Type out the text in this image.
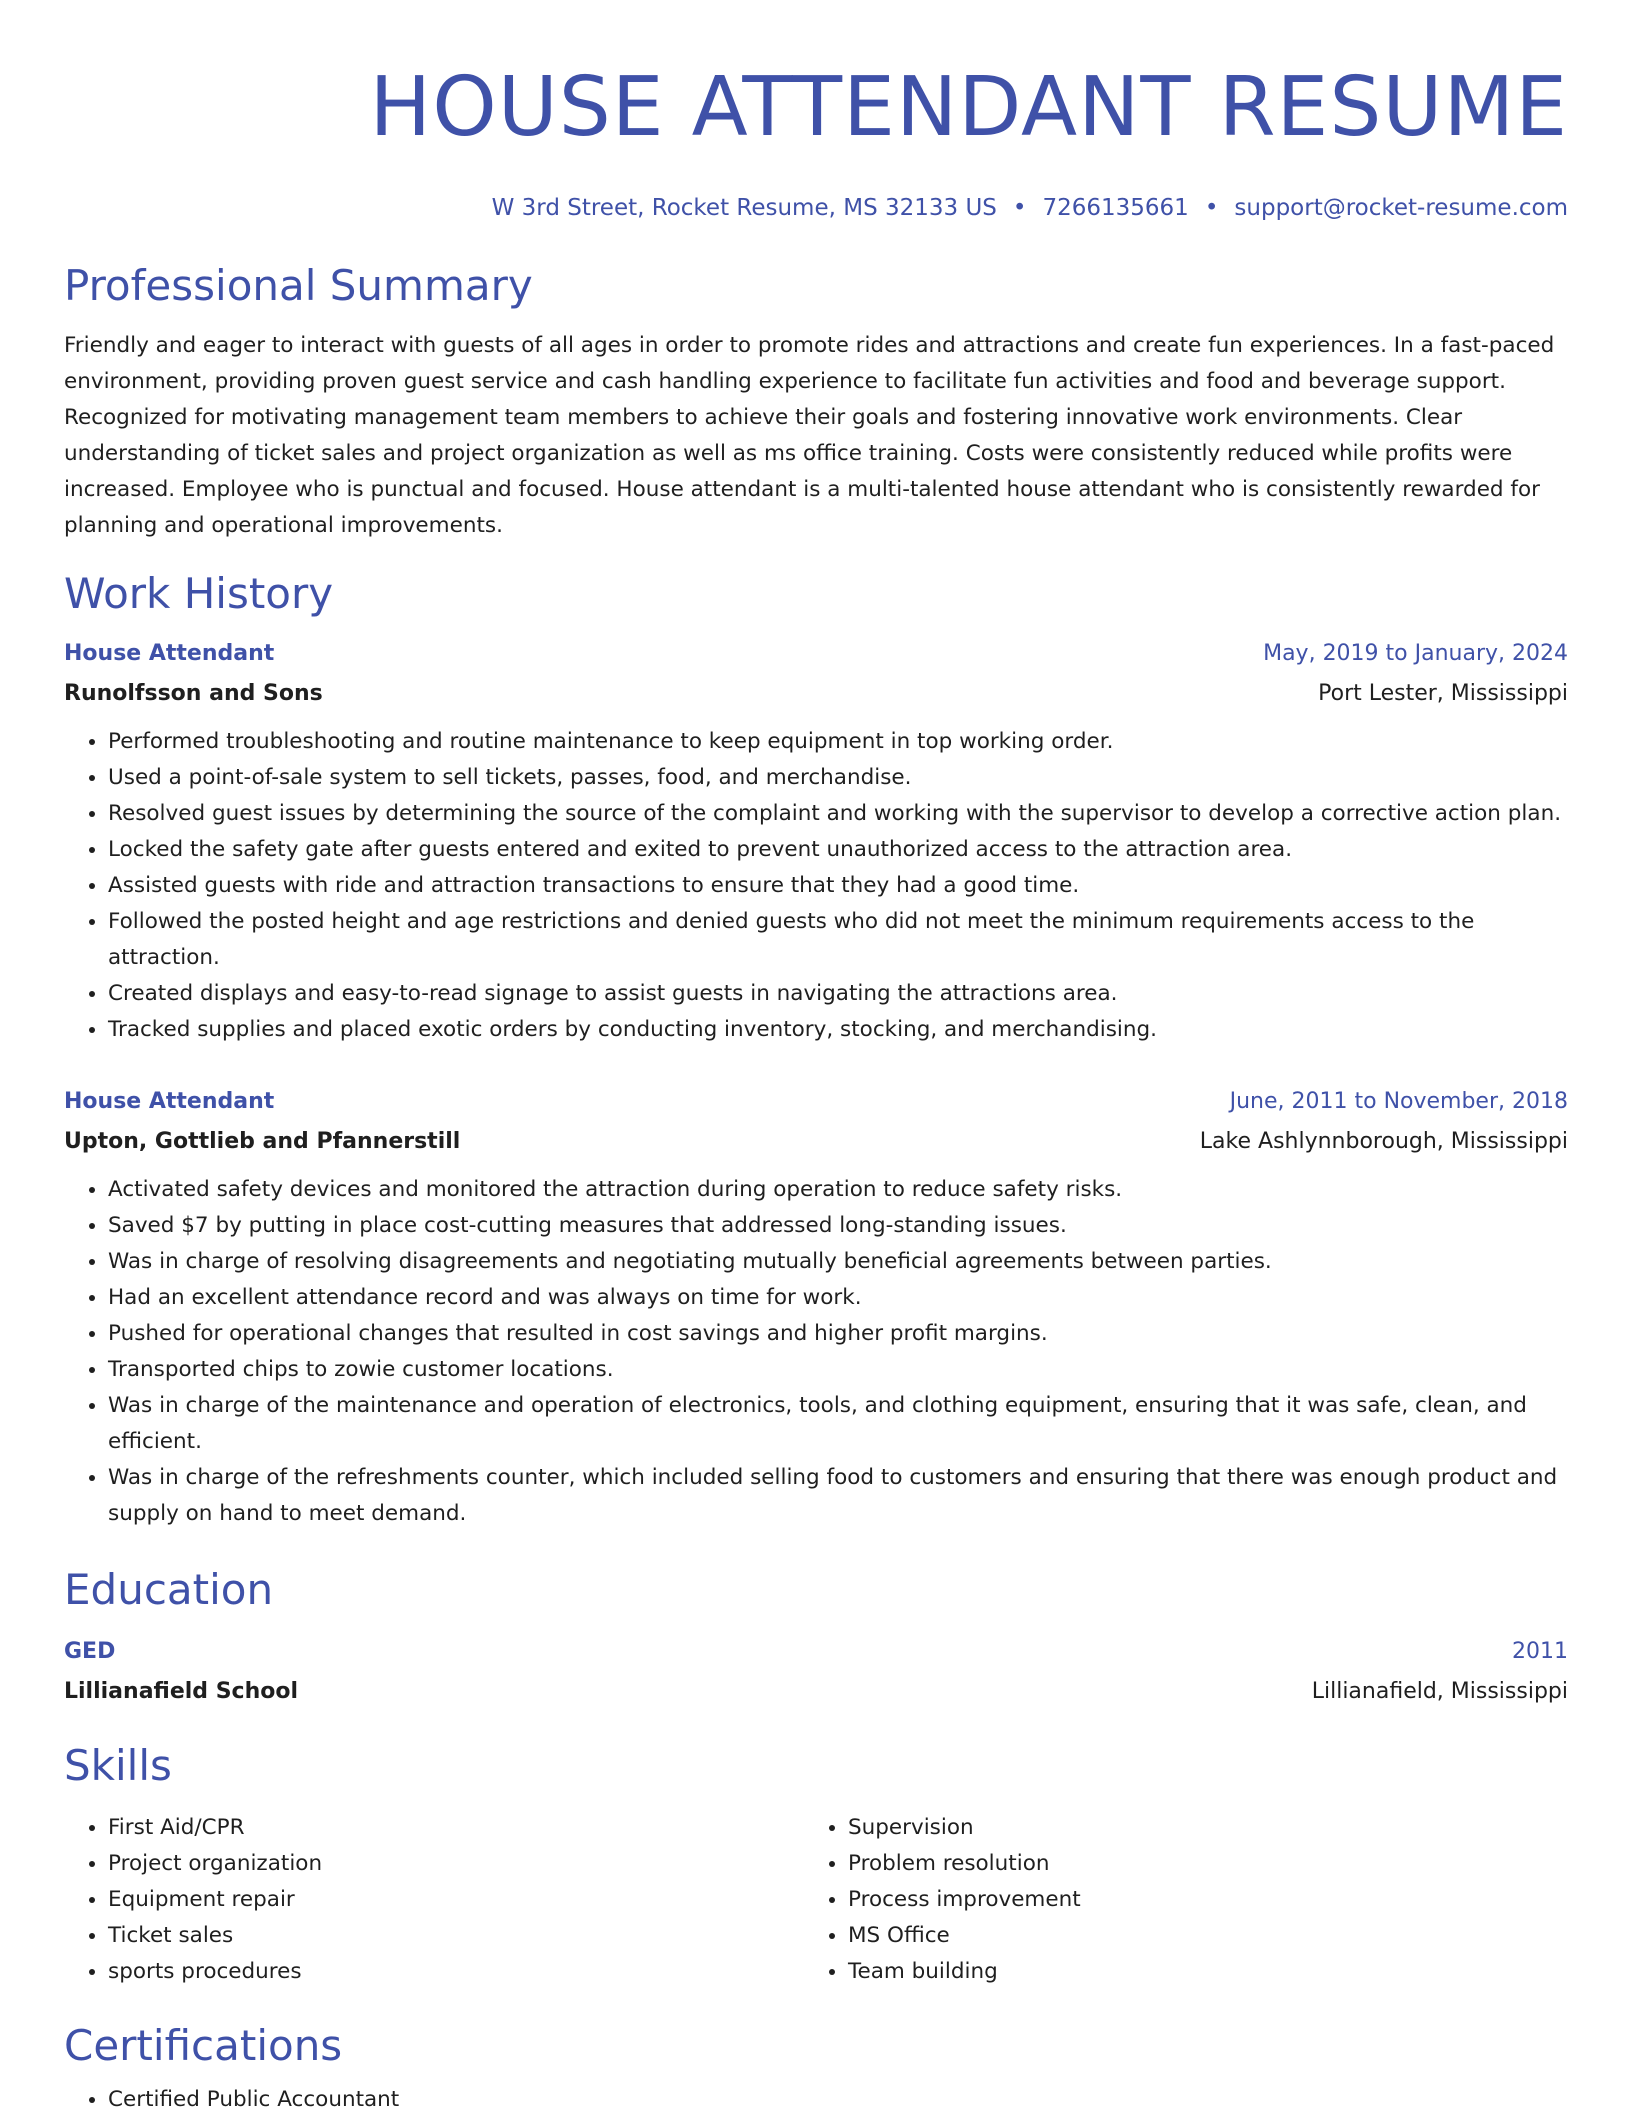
HOUSE ATTENDANT RESUME
W 3rd Street, Rocket Resume, MS 32133 US • 7266135661 • support@rocket-resume.com
Professional Summary

Friendly and eager to interact with guests of all ages in order to promote rides and attractions and create fun experiences. In a fast-paced environment, providing proven guest service and cash handling experience to facilitate fun activities and food and beverage support. Recognized for motivating management team members to achieve their goals and fostering innovative work environments. Clear understanding of ticket sales and project organization as well as ms office training. Costs were consistently reduced while profits were increased. Employee who is punctual and focused. House attendant is a multi-talented house attendant who is consistently rewarded for planning and operational improvements.

Work History
House Attendant	May, 2019 to January, 2024
Runolfsson and Sons	Port Lester, Mississippi
• Performed troubleshooting and routine maintenance to keep equipment in top working order.
• Used a point-of-sale system to sell tickets, passes, food, and merchandise.
• Resolved guest issues by determining the source of the complaint and working with the supervisor to develop a corrective action plan.
• Locked the safety gate after guests entered and exited to prevent unauthorized access to the attraction area.
• Assisted guests with ride and attraction transactions to ensure that they had a good time.
• Followed the posted height and age restrictions and denied guests who did not meet the minimum requirements access to the attraction.
• Created displays and easy-to-read signage to assist guests in navigating the attractions area.
• Tracked supplies and placed exotic orders by conducting inventory, stocking, and merchandising.
House Attendant	June, 2011 to November, 2018
Upton, Gottlieb and Pfannerstill	Lake Ashlynnborough, Mississippi
• Activated safety devices and monitored the attraction during operation to reduce safety risks.
• Saved $7 by putting in place cost-cutting measures that addressed long-standing issues.
• Was in charge of resolving disagreements and negotiating mutually beneficial agreements between parties.
• Had an excellent attendance record and was always on time for work.
• Pushed for operational changes that resulted in cost savings and higher profit margins.
• Transported chips to zowie customer locations.
• Was in charge of the maintenance and operation of electronics, tools, and clothing equipment, ensuring that it was safe, clean, and efficient.
• Was in charge of the refreshments counter, which included selling food to customers and ensuring that there was enough product and supply on hand to meet demand.
Education
GED	2011
Lillianafield School	Lillianafield, Mississippi
Skills
• First Aid/CPR
• Project organization
• Equipment repair
• Ticket sales
• sports procedures
• Supervision
• Problem resolution
• Process improvement
• MS Office
• Team building
Certifications
• Certified Public Accountant
